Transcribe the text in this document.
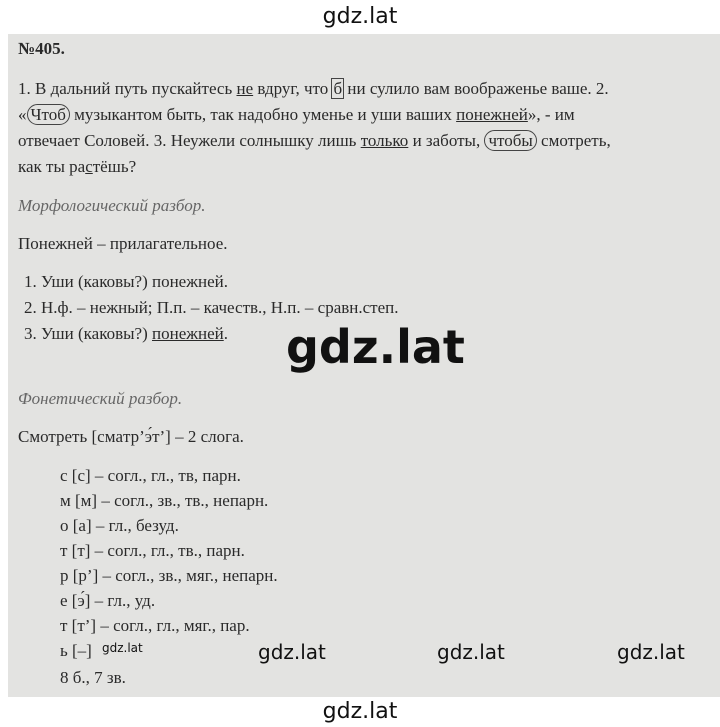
gdz.lat
№405.
1. В дальний путь пускайтесь не вдруг, что б ни сулило вам воображенье ваше. 2.
« Чтоб музыкантом быть, так надобно уменье и уши ваших понежней», - им
отвечает Соловей. 3. Неужели солнышку лишь только и заботы, чтобы смотреть,
как ты растёшь?
Морфологический разбор.
Понежней – прилагательное.
1. Уши (каковы?) понежней.
2. Н.ф. – нежный; П.п. – качеств., Н.п. – сравн.степ.
3. Уши (каковы?) понежней.
Фонетический разбор.
Смотреть [смaтр’э́т’] – 2 слога.
с [с] – согл., гл., тв, парн.
м [м] – согл., зв., тв., непарн.
о [а] – гл., безуд.
т [т] – согл., гл., тв., парн.
р [р’] – согл., зв., мяг., непарн.
е [э́] – гл., уд.
т [т’] – согл., гл., мяг., пар.
ь [–]
8 б., 7 зв.
gdz.lat
gdz.lat	gdz.lat	gdz.lat	gdz.lat
gdz.lat
